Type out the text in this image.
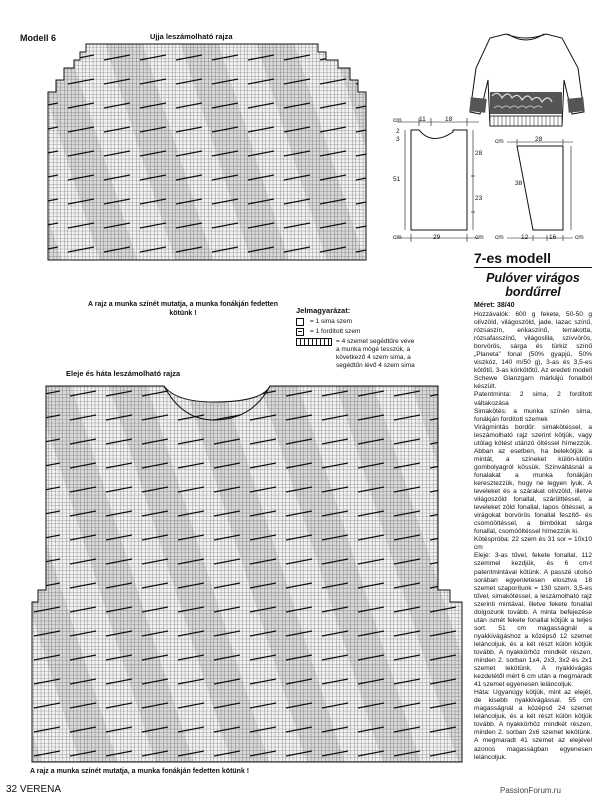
Modell 6	Ujja leszámolható rajza
cm	11	18
2
3
51
28
23
cm
cm	29
cm	28
38
cm
cm	12	16
A rajz a munka színét mutatja, a munka fonákján fedetten kötünk !	Jelmagyarázat:
= 1 sima szem
= 1 fordított szem
= 4 szemet segédtűre véve a munka mögé tesszük, a következő 4 szem sima, a segédtűn lévő 4 szem sima
Eleje és háta leszámolható rajza
A rajz a munka színét mutatja, a munka fonákján fedetten kötünk !
7-es modell
Pulóver virágos
bordűrrel
Méret: 38/40
Hozzávalók: 600 g fekete, 50-50 g olívzöld, világoszöld, jade, lazac színű, rózsaszín, erikaszínű, terrakotta, rózsafasszínű, világoslila, szívvörös, borvörös, sárga és türkiz színű „Planeta” fonal (50% gyapjú, 50% viszkóz, 140 m/50 g), 3-as és 3,5-es kötőtű, 3-as körkötőtű. Az eredeti modell Schewe Glanzgarn márkájú fonalból készült.
Patentminta: 2 sima, 2 fordított váltakozása
Simakötés: a munka színén sima, fonákján fordított szemek
Virágmintás bordűr: simakötéssel, a leszámolható rajz szerint kötjük, vagy utólag kötést utánzó öltéssel hímezzük. Abban az esetben, ha belekötjük a mintát, a színeket külön-külön gombolyagról kössük. Színváltásnál a fonalakat a munka fonákján keresztezzük, hogy ne legyen lyuk. A leveleket és a szárakat olívzöld, illetve világoszöld fonallal, szárölttéssel, a leveleket zöld fonallal, lapos öltéssel, a virágokat borvörös fonallal feszítő- és csomóöltéssel, a bimbókat sárga fonallal, csomóöltéssel hímezzük ki.
Kötéspróba: 22 szem és 31 sor = 10x10 cm
Eleje: 3-as tűvel, fekete fonallal, 112 szemmel kezdjük, és 6 cm-t patentmintával kötünk. A passzé utolsó sorában egyenletesen elosztva 18 szemet szaporítunk = 130 szem. 3,5-es tűvel, simakötéssel, a leszámolható rajz szerinti mintával, illetve fekete fonallal dolgozunk tovább. A minta befejezése után ismét fekete fonallal kötjük a teljes sort. 51 cm magasságnál a nyakkivágáshoz a középső 12 szemet leláncoljuk, és a két részt külön kötjük tovább. A nyakkörhöz mindkét részen, minden 2. sorban 1x4, 2x3, 3x2 és 2x1 szemet lekötünk. A nyakkivágás kezdetétől mért 6 cm után a megmaradt 41 szemet egyenesen leláncoljuk.
Háta: Ugyanúgy kötjük, mint az elejét, de kisebb nyakkivágással. 55 cm magasságnál a középső 24 szemet leláncoljuk, és a két részt külön kötjük tovább. A nyakkörhöz mindkét részen, minden 2. sorban 2x6 szemet lekötünk. A megmaradt 41 szemet az elejével azonos magasságban egyenesen leláncoljuk.
32 VERENA	PassionForum.ru
